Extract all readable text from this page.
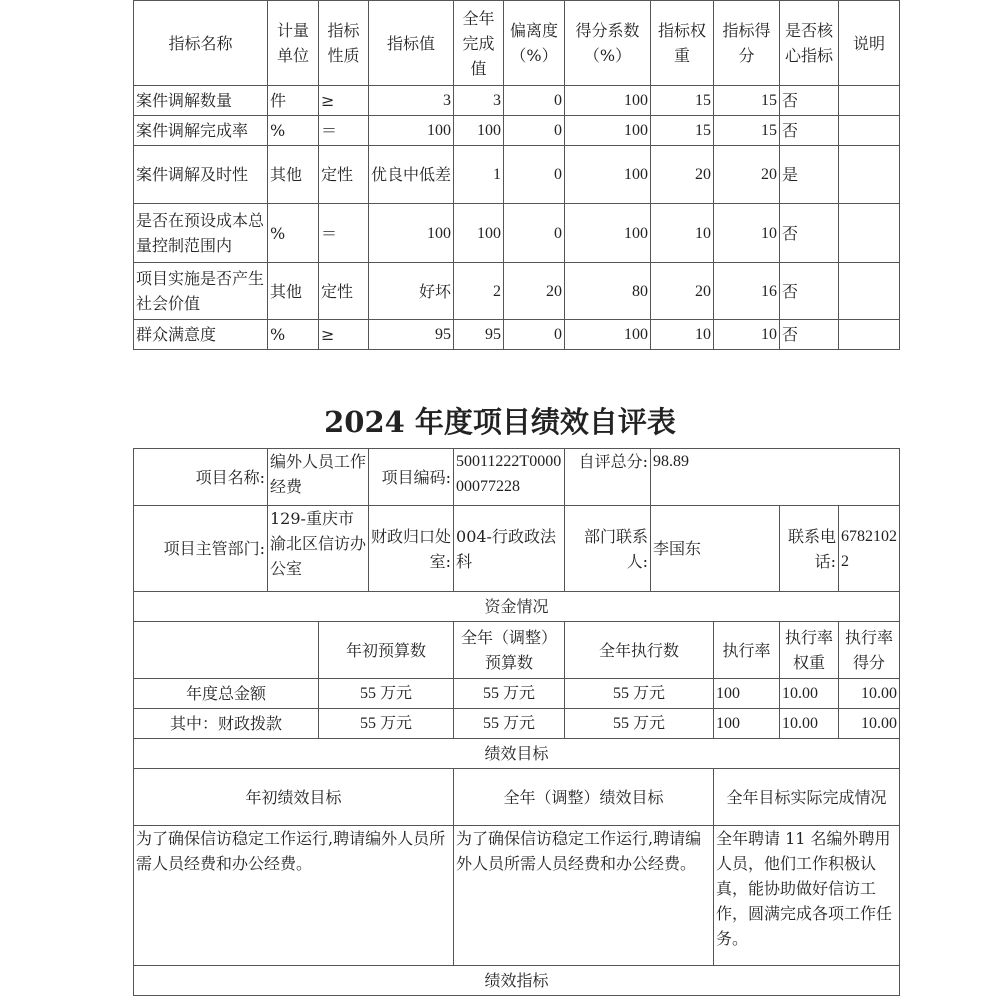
指标名称	计量单位	指标性质	指标值	全年完成值	偏离度（%）	得分系数（%）	指标权重	指标得分	是否核心指标	说明
案件调解数量	件	≥	3	3	0	100	15	15	否	
案件调解完成率	%	＝	100	100	0	100	15	15	否	
案件调解及时性	其他	定性	优良中低差	1	0	100	20	20	是	
是否在预设成本总量控制范围内	%	＝	100	100	0	100	10	10	否	
项目实施是否产生社会价值	其他	定性	好坏	2	20	80	20	16	否	
群众满意度	%	≥	95	95	0	100	10	10	否	
2024 年度项目绩效自评表
项目名称:	编外人员工作经费		项目编码:	50011222T000000077228	自评总分:	98.89			
项目主管部门:	129-重庆市渝北区信访办公室		财政归口处室:	004-行政政法科	部门联系人:	李国东		联系电话:	67821022
资金情况									
		年初预算数		全年（调整）预算数	全年执行数		执行率	执行率权重	执行率得分
年度总金额		55 万元		55 万元	55 万元		100	10.00	10.00
其中：财政拨款		55 万元		55 万元	55 万元		100	10.00	10.00
绩效目标									
年初绩效目标				全年（调整）绩效目标			全年目标实际完成情况		
为了确保信访稳定工作运行,聘请编外人员所需人员经费和办公经费。				为了确保信访稳定工作运行,聘请编外人员所需人员经费和办公经费。			全年聘请 11 名编外聘用人员，他们工作积极认真，能协助做好信访工作，圆满完成各项工作任务。		
绩效指标									
